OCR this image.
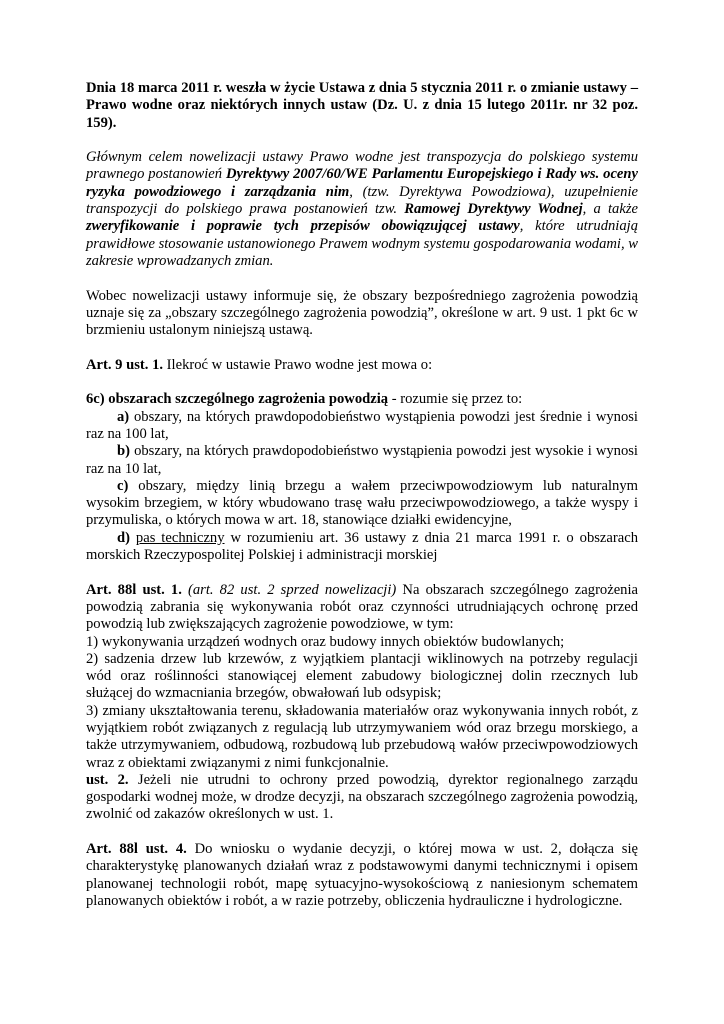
Dnia 18 marca 2011 r. weszła w życie Ustawa z dnia 5 stycznia 2011 r. o zmianie ustawy – Prawo wodne oraz niektórych innych ustaw (Dz. U. z dnia 15 lutego 2011r. nr 32 poz. 159).

Głównym celem nowelizacji ustawy Prawo wodne jest transpozycja do polskiego systemu prawnego postanowień Dyrektywy 2007/60/WE Parlamentu Europejskiego i Rady ws. oceny ryzyka powodziowego i zarządzania nim, (tzw. Dyrektywa Powodziowa), uzupełnienie transpozycji do polskiego prawa postanowień tzw. Ramowej Dyrektywy Wodnej, a także zweryfikowanie i poprawie tych przepisów obowiązującej ustawy, które utrudniają prawidłowe stosowanie ustanowionego Prawem wodnym systemu gospodarowania wodami, w zakresie wprowadzanych zmian.

Wobec nowelizacji ustawy informuje się, że obszary bezpośredniego zagrożenia powodzią uznaje się za „obszary szczególnego zagrożenia powodzią”, określone w art. 9 ust. 1 pkt 6c w brzmieniu ustalonym niniejszą ustawą.

Art. 9 ust. 1. Ilekroć w ustawie Prawo wodne jest mowa o:

6c) obszarach szczególnego zagrożenia powodzią - rozumie się przez to:

a) obszary, na których prawdopodobieństwo wystąpienia powodzi jest średnie i wynosi raz na 100 lat,

b) obszary, na których prawdopodobieństwo wystąpienia powodzi jest wysokie i wynosi raz na 10 lat,

c) obszary, między linią brzegu a wałem przeciwpowodziowym lub naturalnym wysokim brzegiem, w który wbudowano trasę wału przeciwpowodziowego, a także wyspy i przymuliska, o których mowa w art. 18, stanowiące działki ewidencyjne,

d) pas techniczny w rozumieniu art. 36 ustawy z dnia 21 marca 1991 r. o obszarach morskich Rzeczypospolitej Polskiej i administracji morskiej

Art. 88l ust. 1. (art. 82 ust. 2 sprzed nowelizacji) Na obszarach szczególnego zagrożenia powodzią zabrania się wykonywania robót oraz czynności utrudniających ochronę przed powodzią lub zwiększających zagrożenie powodziowe, w tym:

1) wykonywania urządzeń wodnych oraz budowy innych obiektów budowlanych;

2) sadzenia drzew lub krzewów, z wyjątkiem plantacji wiklinowych na potrzeby regulacji wód oraz roślinności stanowiącej element zabudowy biologicznej dolin rzecznych lub służącej do wzmacniania brzegów, obwałowań lub odsypisk;

3) zmiany ukształtowania terenu, składowania materiałów oraz wykonywania innych robót, z wyjątkiem robót związanych z regulacją lub utrzymywaniem wód oraz brzegu morskiego, a także utrzymywaniem, odbudową, rozbudową lub przebudową wałów przeciwpowodziowych wraz z obiektami związanymi z nimi funkcjonalnie.

ust. 2. Jeżeli nie utrudni to ochrony przed powodzią, dyrektor regionalnego zarządu gospodarki wodnej może, w drodze decyzji, na obszarach szczególnego zagrożenia powodzią, zwolnić od zakazów określonych w ust. 1.

Art. 88l ust. 4. Do wniosku o wydanie decyzji, o której mowa w ust. 2, dołącza się charakterystykę planowanych działań wraz z podstawowymi danymi technicznymi i opisem planowanej technologii robót, mapę sytuacyjno-wysokościową z naniesionym schematem planowanych obiektów i robót, a w razie potrzeby, obliczenia hydrauliczne i hydrologiczne.
